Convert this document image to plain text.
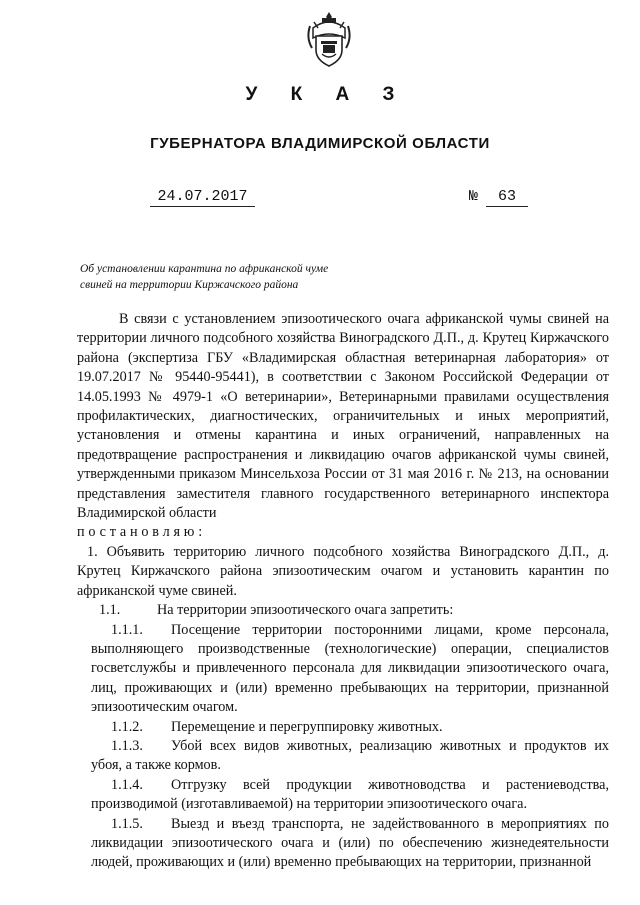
У К А З
ГУБЕРНАТОРА ВЛАДИМИРСКОЙ ОБЛАСТИ
24.07.2017	№	63
Об установлении карантина по африканской чуме
свиней на территории Киржачского района

В связи с установлением эпизоотического очага африканской чумы свиней на территории личного подсобного хозяйства Виноградского Д.П., д. Крутец Киржачского района (экспертиза ГБУ «Владимирская областная ветеринарная лаборатория» от 19.07.2017 № 95440-95441), в соответствии с Законом Российской Федерации от 14.05.1993 № 4979-1 «О ветеринарии», Ветеринарными правилами осуществления профилактических, диагностических, ограничительных и иных мероприятий, установления и отмены карантина и иных ограничений, направленных на предотвращение распространения и ликвидацию очагов африканской чумы свиней, утвержденными приказом Минсельхоза России от 31 мая 2016 г. № 213, на основании представления заместителя главного государственного ветеринарного инспектора Владимирской области

постановляю:

1. Объявить территорию личного подсобного хозяйства Виноградского Д.П., д. Крутец Киржачского района эпизоотическим очагом и установить карантин по африканской чуме свиней.

1.1.	На территории эпизоотического очага запретить:

1.1.1. Посещение территории посторонними лицами, кроме персонала, выполняющего производственные (технологические) операции, специалистов госветслужбы и привлеченного персонала для ликвидации эпизоотического очага, лиц, проживающих и (или) временно пребывающих на территории, признанной эпизоотическим очагом.

1.1.2. Перемещение и перегруппировку животных.

1.1.3. Убой всех видов животных, реализацию животных и продуктов их убоя, а также кормов.

1.1.4. Отгрузку всей продукции животноводства и растениеводства, производимой (изготавливаемой) на территории эпизоотического очага.

1.1.5. Выезд и въезд транспорта, не задействованного в мероприятиях по ликвидации эпизоотического очага и (или) по обеспечению жизнедеятельности людей, проживающих и (или) временно пребывающих на территории, признанной
